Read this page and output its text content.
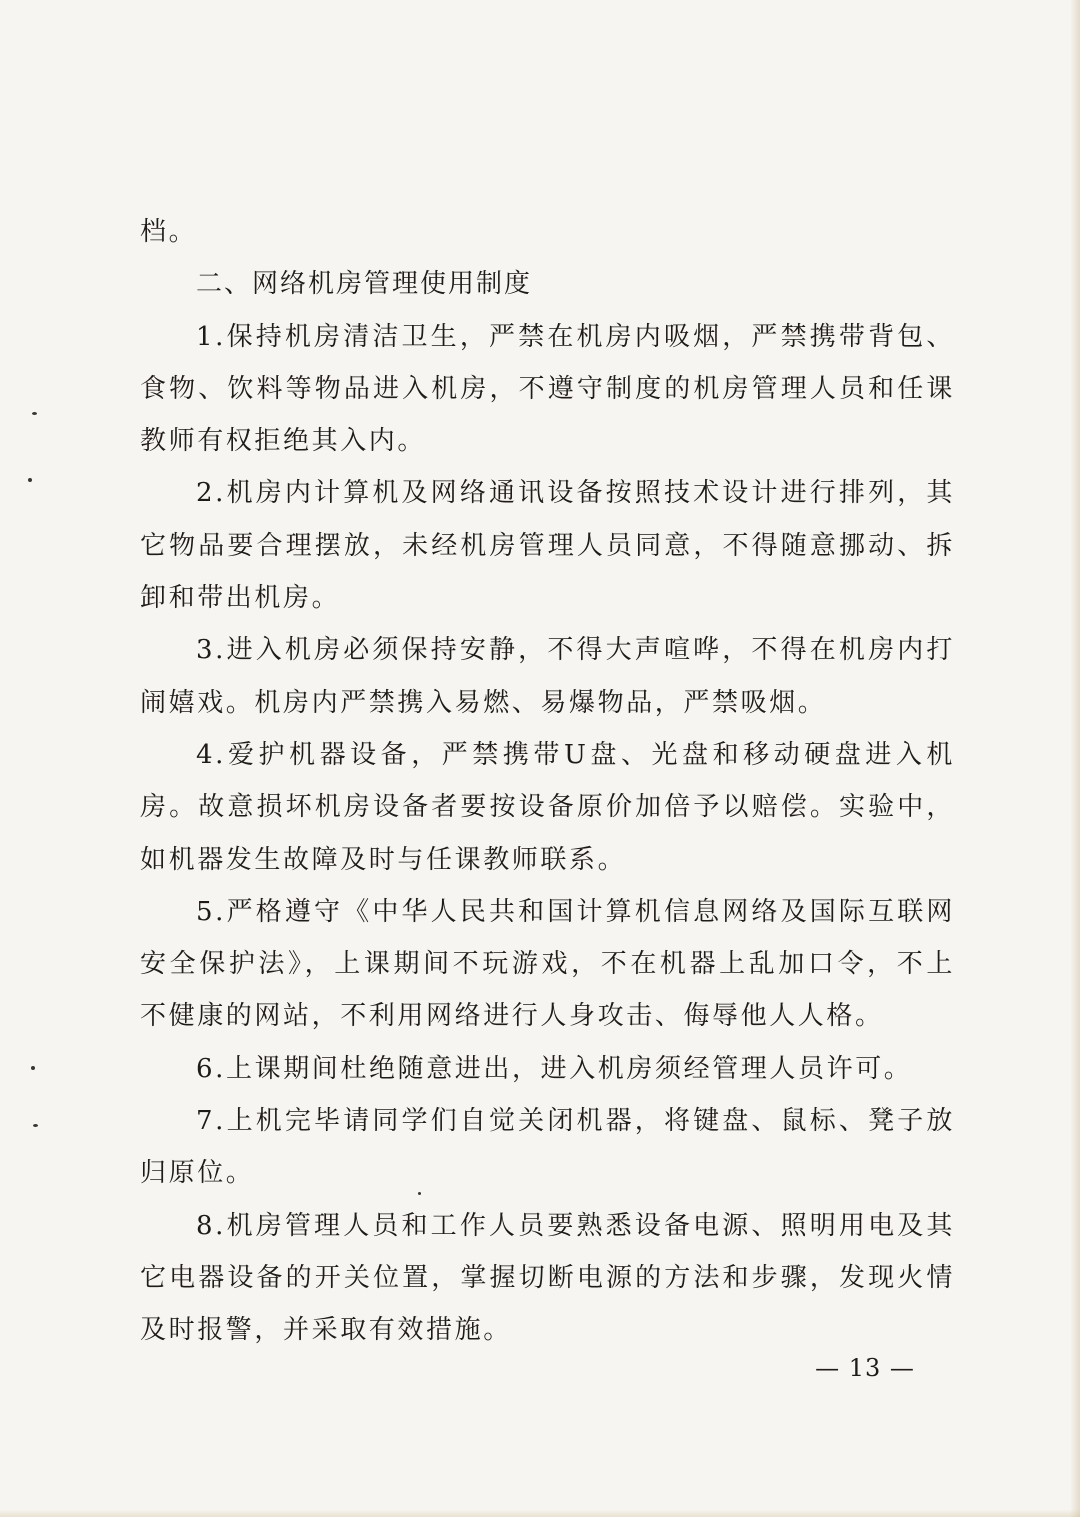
档。

二、网络机房管理使用制度

1.保持机房清洁卫生，严禁在机房内吸烟，严禁携带背包、食物、饮料等物品进入机房，不遵守制度的机房管理人员和任课教师有权拒绝其入内。

2.机房内计算机及网络通讯设备按照技术设计进行排列，其它物品要合理摆放，未经机房管理人员同意，不得随意挪动、拆卸和带出机房。

3.进入机房必须保持安静，不得大声喧哗，不得在机房内打闹嬉戏。机房内严禁携入易燃、易爆物品，严禁吸烟。

4.爱护机器设备，严禁携带U盘、光盘和移动硬盘进入机房。故意损坏机房设备者要按设备原价加倍予以赔偿。实验中，如机器发生故障及时与任课教师联系。

5.严格遵守《中华人民共和国计算机信息网络及国际互联网安全保护法》，上课期间不玩游戏，不在机器上乱加口令，不上不健康的网站，不利用网络进行人身攻击、侮辱他人人格。

6.上课期间杜绝随意进出，进入机房须经管理人员许可。

7.上机完毕请同学们自觉关闭机器，将键盘、鼠标、凳子放归原位。

8.机房管理人员和工作人员要熟悉设备电源、照明用电及其它电器设备的开关位置，掌握切断电源的方法和步骤，发现火情及时报警，并采取有效措施。

— 13 —
